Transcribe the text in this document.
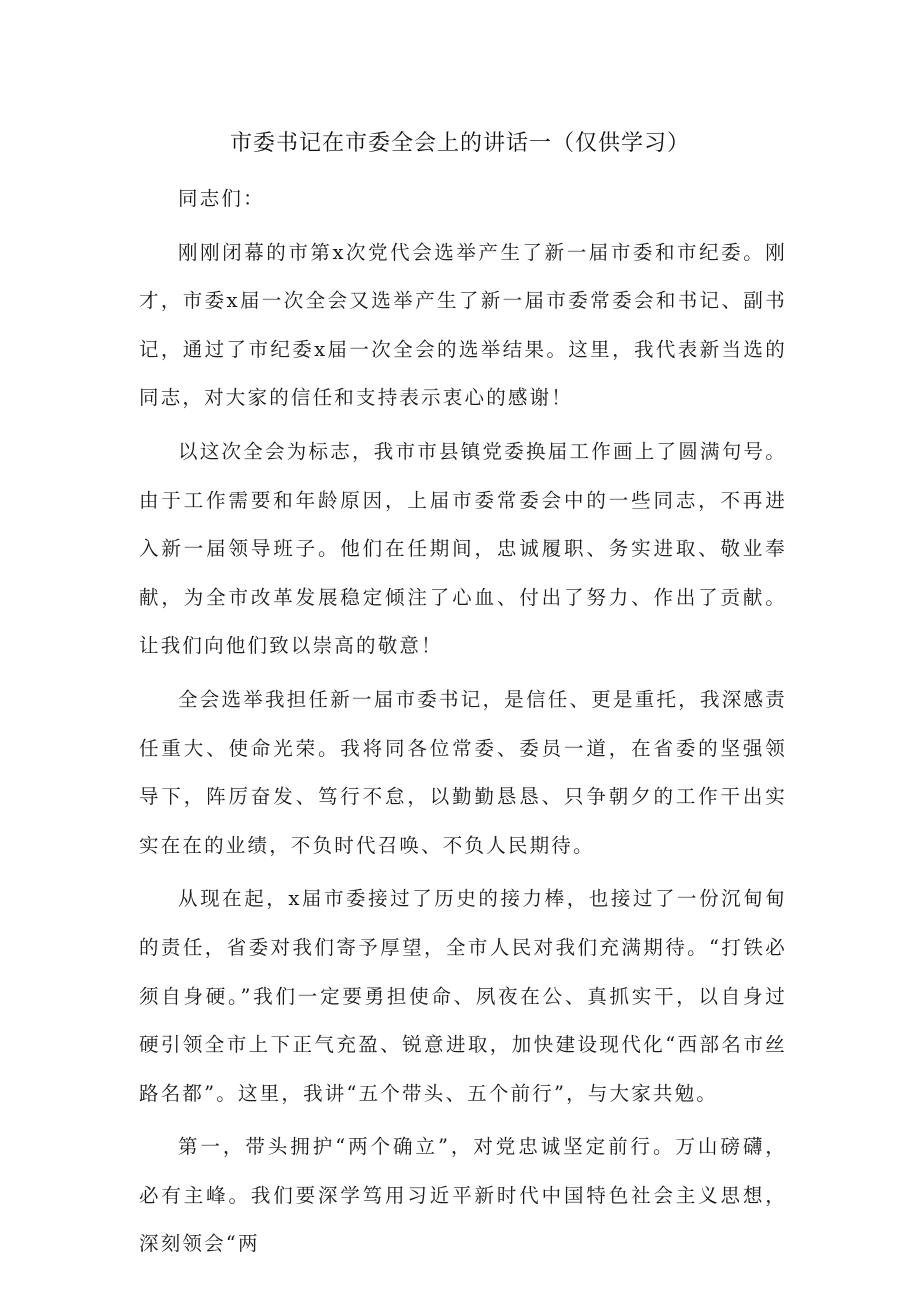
市委书记在市委全会上的讲话一（仅供学习）

同志们：

刚刚闭幕的市第x次党代会选举产生了新一届市委和市纪委。刚才，市委x届一次全会又选举产生了新一届市委常委会和书记、副书记，通过了市纪委x届一次全会的选举结果。这里，我代表新当选的同志，对大家的信任和支持表示衷心的感谢！

以这次全会为标志，我市市县镇党委换届工作画上了圆满句号。由于工作需要和年龄原因，上届市委常委会中的一些同志，不再进入新一届领导班子。他们在任期间，忠诚履职、务实进取、敬业奉献，为全市改革发展稳定倾注了心血、付出了努力、作出了贡献。让我们向他们致以崇高的敬意！

全会选举我担任新一届市委书记，是信任、更是重托，我深感责任重大、使命光荣。我将同各位常委、委员一道，在省委的坚强领导下，阵厉奋发、笃行不怠，以勤勤恳恳、只争朝夕的工作干出实实在在的业绩，不负时代召唤、不负人民期待。

从现在起，x届市委接过了历史的接力棒，也接过了一份沉甸甸的责任，省委对我们寄予厚望，全市人民对我们充满期待。“打铁必须自身硬。”我们一定要勇担使命、夙夜在公、真抓实干，以自身过硬引领全市上下正气充盈、锐意进取，加快建设现代化“西部名市丝路名都”。这里，我讲“五个带头、五个前行”，与大家共勉。

第一，带头拥护“两个确立”，对党忠诚坚定前行。万山磅礴，必有主峰。我们要深学笃用习近平新时代中国特色社会主义思想，深刻领会“两
